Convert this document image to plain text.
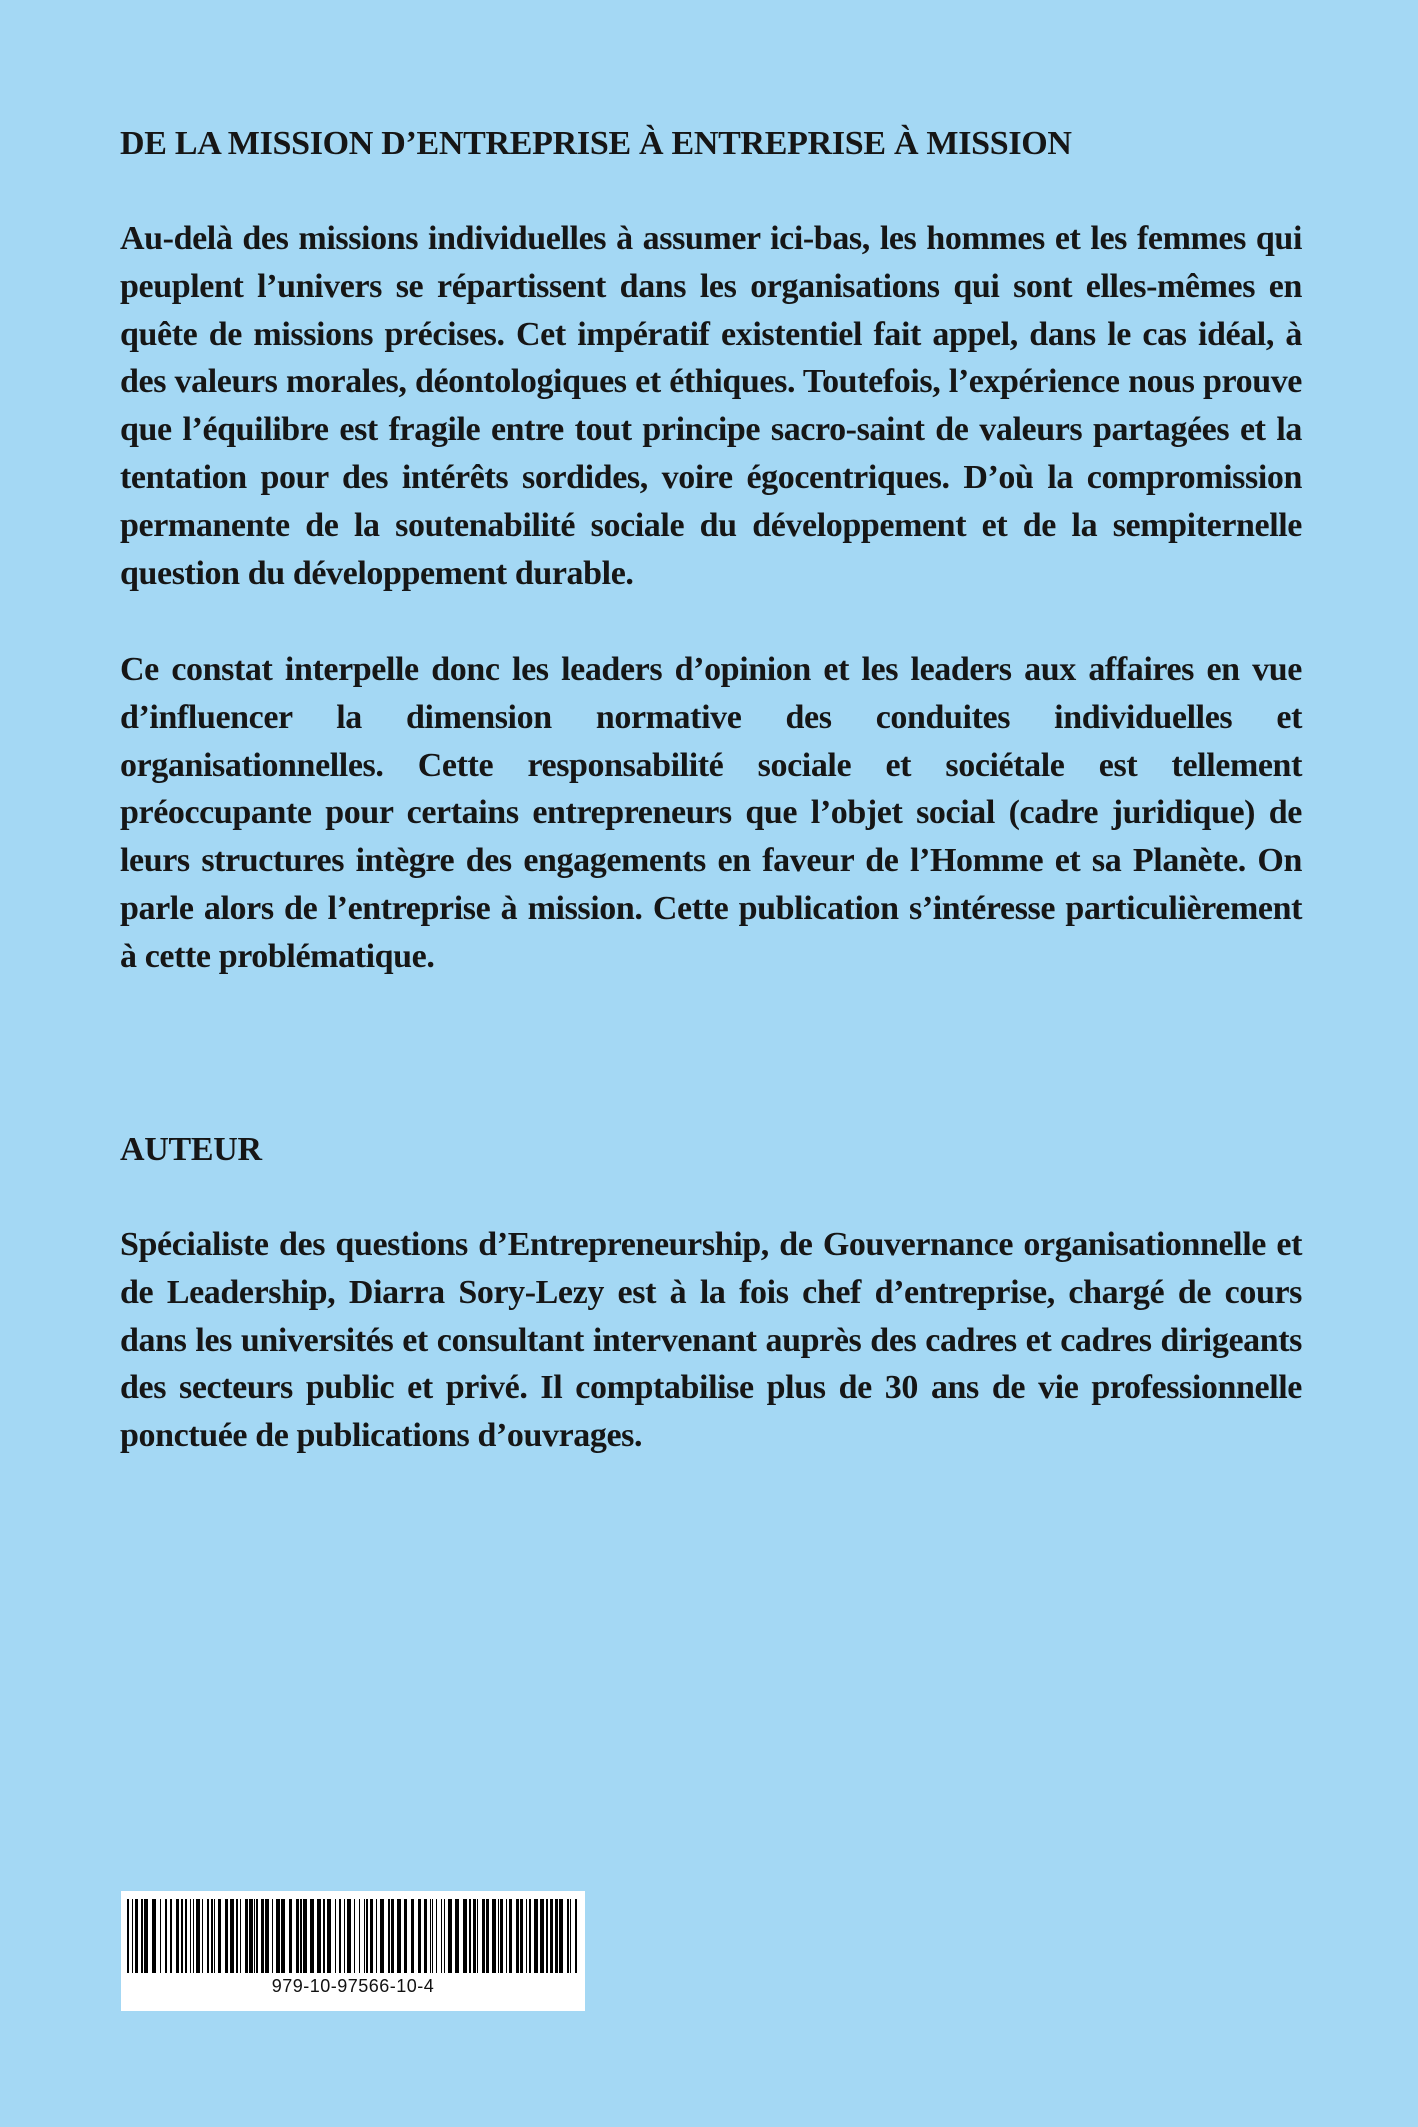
DE LA MISSION D’ENTREPRISE À ENTREPRISE À MISSION

Au-delà des missions individuelles à assumer ici-bas, les hommes et les femmes qui peuplent l’univers se répartissent dans les organisations qui sont elles-mêmes en quête de missions précises. Cet impératif existentiel fait appel, dans le cas idéal, à des valeurs morales, déontologiques et éthiques. Toutefois, l’expérience nous prouve que l’équilibre est fragile entre tout principe sacro-saint de valeurs partagées et la tentation pour des intérêts sordides, voire égocentriques. D’où la compromission permanente de la soutenabilité sociale du développement et de la sempiternelle question du développement durable.

Ce constat interpelle donc les leaders d’opinion et les leaders aux affaires en vue d’influencer la dimension normative des conduites individuelles et organisationnelles. Cette responsabilité sociale et sociétale est tellement préoccupante pour certains entrepreneurs que l’objet social (cadre juridique) de leurs structures intègre des engagements en faveur de l’Homme et sa Planète. On parle alors de l’entreprise à mission. Cette publication s’intéresse particulièrement à cette problématique.

AUTEUR

Spécialiste des questions d’Entrepreneurship, de Gouvernance organisationnelle et de Leadership, Diarra Sory-Lezy est à la fois chef d’entreprise, chargé de cours dans les universités et consultant intervenant auprès des cadres et cadres dirigeants des secteurs public et privé. Il comptabilise plus de 30 ans de vie professionnelle ponctuée de publications d’ouvrages.

979-10-97566-10-4
